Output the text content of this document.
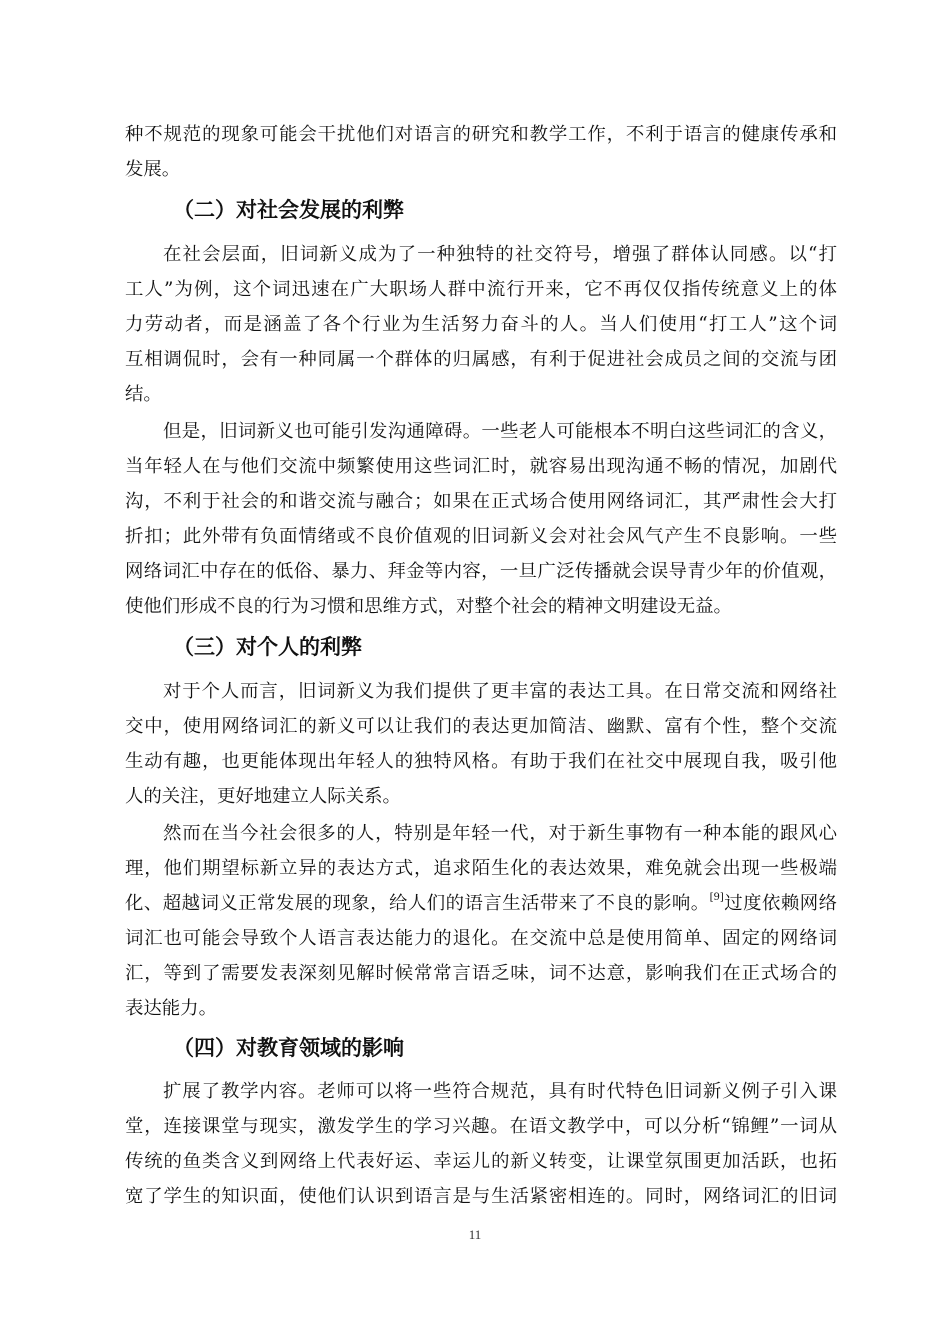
种不规范的现象可能会干扰他们对语言的研究和教学工作，不利于语言的健康传承和
发展。
（二）对社会发展的利弊
在社会层面，旧词新义成为了一种独特的社交符号，增强了群体认同感。以“打
工人”为例，这个词迅速在广大职场人群中流行开来，它不再仅仅指传统意义上的体
力劳动者，而是涵盖了各个行业为生活努力奋斗的人。当人们使用“打工人”这个词
互相调侃时，会有一种同属一个群体的归属感，有利于促进社会成员之间的交流与团
结。
但是，旧词新义也可能引发沟通障碍。一些老人可能根本不明白这些词汇的含义，
当年轻人在与他们交流中频繁使用这些词汇时，就容易出现沟通不畅的情况，加剧代
沟，不利于社会的和谐交流与融合；如果在正式场合使用网络词汇，其严肃性会大打
折扣；此外带有负面情绪或不良价值观的旧词新义会对社会风气产生不良影响。一些
网络词汇中存在的低俗、暴力、拜金等内容，一旦广泛传播就会误导青少年的价值观，
使他们形成不良的行为习惯和思维方式，对整个社会的精神文明建设无益。
（三）对个人的利弊
对于个人而言，旧词新义为我们提供了更丰富的表达工具。在日常交流和网络社
交中，使用网络词汇的新义可以让我们的表达更加简洁、幽默、富有个性，整个交流
生动有趣，也更能体现出年轻人的独特风格。有助于我们在社交中展现自我，吸引他
人的关注，更好地建立人际关系。
然而在当今社会很多的人，特别是年轻一代，对于新生事物有一种本能的跟风心
理，他们期望标新立异的表达方式，追求陌生化的表达效果，难免就会出现一些极端
化、超越词义正常发展的现象，给人们的语言生活带来了不良的影响。[9]过度依赖网络
词汇也可能会导致个人语言表达能力的退化。在交流中总是使用简单、固定的网络词
汇，等到了需要发表深刻见解时候常常言语乏味，词不达意，影响我们在正式场合的
表达能力。
（四）对教育领域的影响
扩展了教学内容。老师可以将一些符合规范，具有时代特色旧词新义例子引入课
堂，连接课堂与现实，激发学生的学习兴趣。在语文教学中，可以分析“锦鲤”一词从
传统的鱼类含义到网络上代表好运、幸运儿的新义转变，让课堂氛围更加活跃，也拓
宽了学生的知识面，使他们认识到语言是与生活紧密相连的。同时，网络词汇的旧词
11
